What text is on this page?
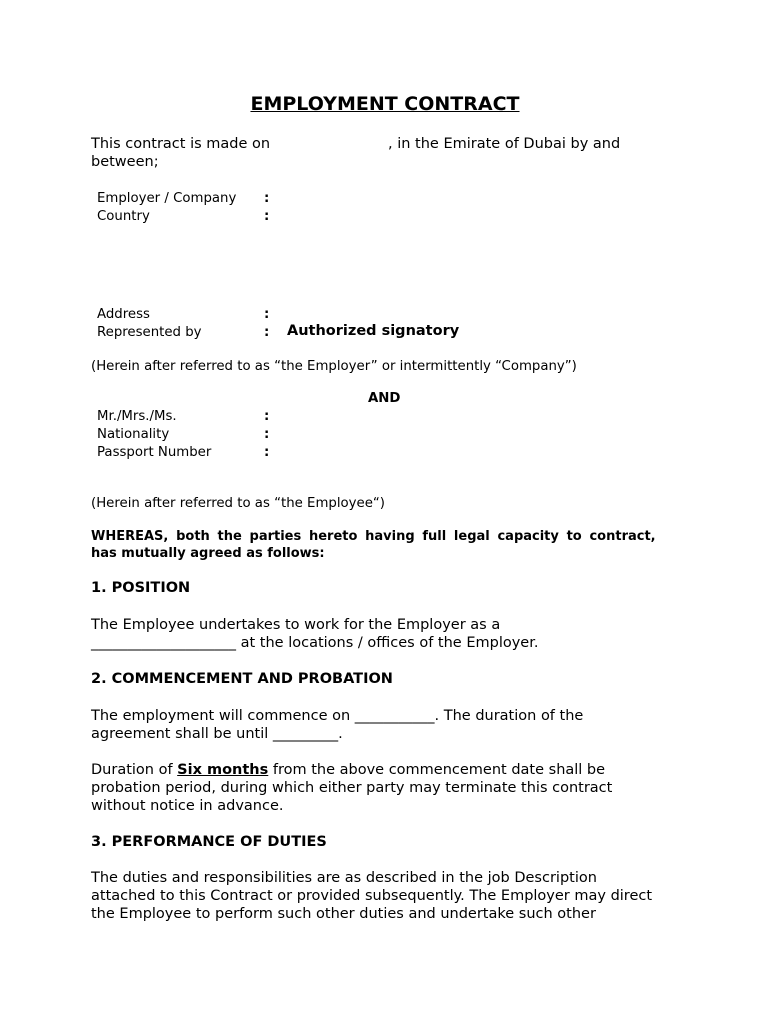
EMPLOYMENT CONTRACT
This contract is made on	, in the Emirate of Dubai by and
between;
Employer / Company :
Country	:
Address	:
Represented by	: Authorized signatory
(Herein after referred to as “the Employer” or intermittently “Company”)
AND
Mr./Mrs./Ms.	:
Nationality	:
Passport Number	:
(Herein after referred to as “the Employee“)
WHEREAS, both the parties hereto having full legal capacity to contract,
has mutually agreed as follows:
1. POSITION
The Employee undertakes to work for the Employer as a
____________________ at the locations / offices of the Employer.
2. COMMENCEMENT AND PROBATION
The employment will commence on ___________. The duration of the
agreement shall be until _________.
Duration of Six months from the above commencement date shall be
probation period, during which either party may terminate this contract
without notice in advance.
3. PERFORMANCE OF DUTIES
The duties and responsibilities are as described in the job Description
attached to this Contract or provided subsequently. The Employer may direct
the Employee to perform such other duties and undertake such other
